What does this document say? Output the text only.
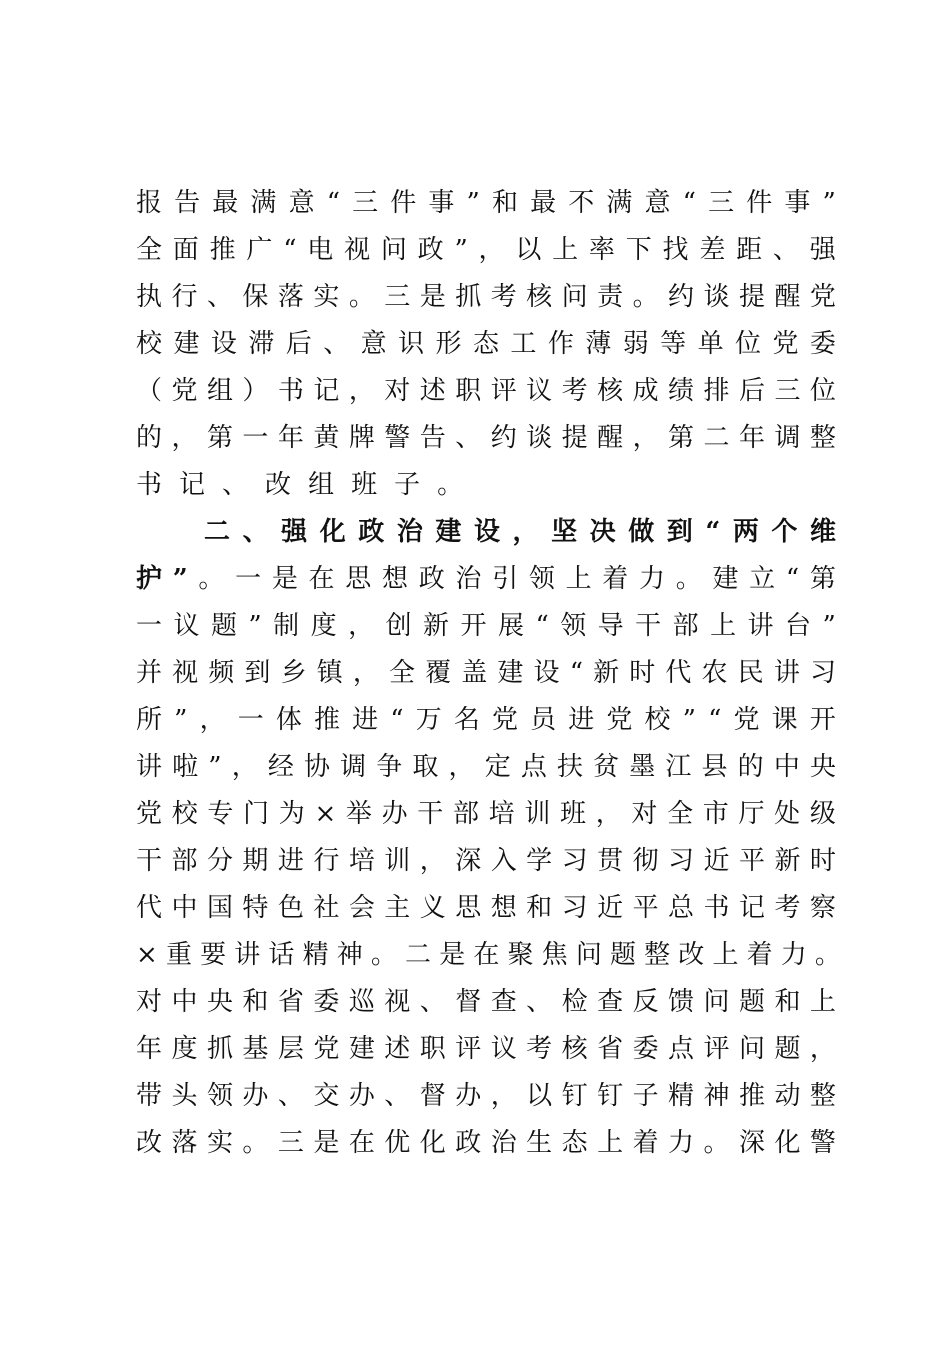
报 告 最 满 意 “ 三 件 事 ” 和 最 不 满 意 “ 三 件 事 ”
全 面 推 广 “ 电 视 问 政 ” ， 以 上 率 下 找 差 距 、 强
执 行 、 保 落 实 。 三 是 抓 考 核 问 责 。 约 谈 提 醒 党
校 建 设 滞 后 、 意 识 形 态 工 作 薄 弱 等 单 位 党 委
（ 党 组 ） 书 记 ， 对 述 职 评 议 考 核 成 绩 排 后 三 位
的 ， 第 一 年 黄 牌 警 告 、 约 谈 提 醒 ， 第 二 年 调 整
书 记 、 改 组 班 子 。
二 、 强 化 政 治 建 设 ， 坚 决 做 到 “ 两 个 维
护 ” 。 一 是 在 思 想 政 治 引 领 上 着 力 。 建 立 “ 第
一 议 题 ” 制 度 ， 创 新 开 展 “ 领 导 干 部 上 讲 台 ”
并 视 频 到 乡 镇 ， 全 覆 盖 建 设 “ 新 时 代 农 民 讲 习
所 ” ， 一 体 推 进 “ 万 名 党 员 进 党 校 ” “ 党 课 开
讲 啦 ” ， 经 协 调 争 取 ， 定 点 扶 贫 墨 江 县 的 中 央
党 校 专 门 为 × 举 办 干 部 培 训 班 ， 对 全 市 厅 处 级
干 部 分 期 进 行 培 训 ， 深 入 学 习 贯 彻 习 近 平 新 时
代 中 国 特 色 社 会 主 义 思 想 和 习 近 平 总 书 记 考 察
× 重 要 讲 话 精 神 。 二 是 在 聚 焦 问 题 整 改 上 着 力 。
对 中 央 和 省 委 巡 视 、 督 查 、 检 查 反 馈 问 题 和 上
年 度 抓 基 层 党 建 述 职 评 议 考 核 省 委 点 评 问 题 ，
带 头 领 办 、 交 办 、 督 办 ， 以 钉 钉 子 精 神 推 动 整
改 落 实 。 三 是 在 优 化 政 治 生 态 上 着 力 。 深 化 警
